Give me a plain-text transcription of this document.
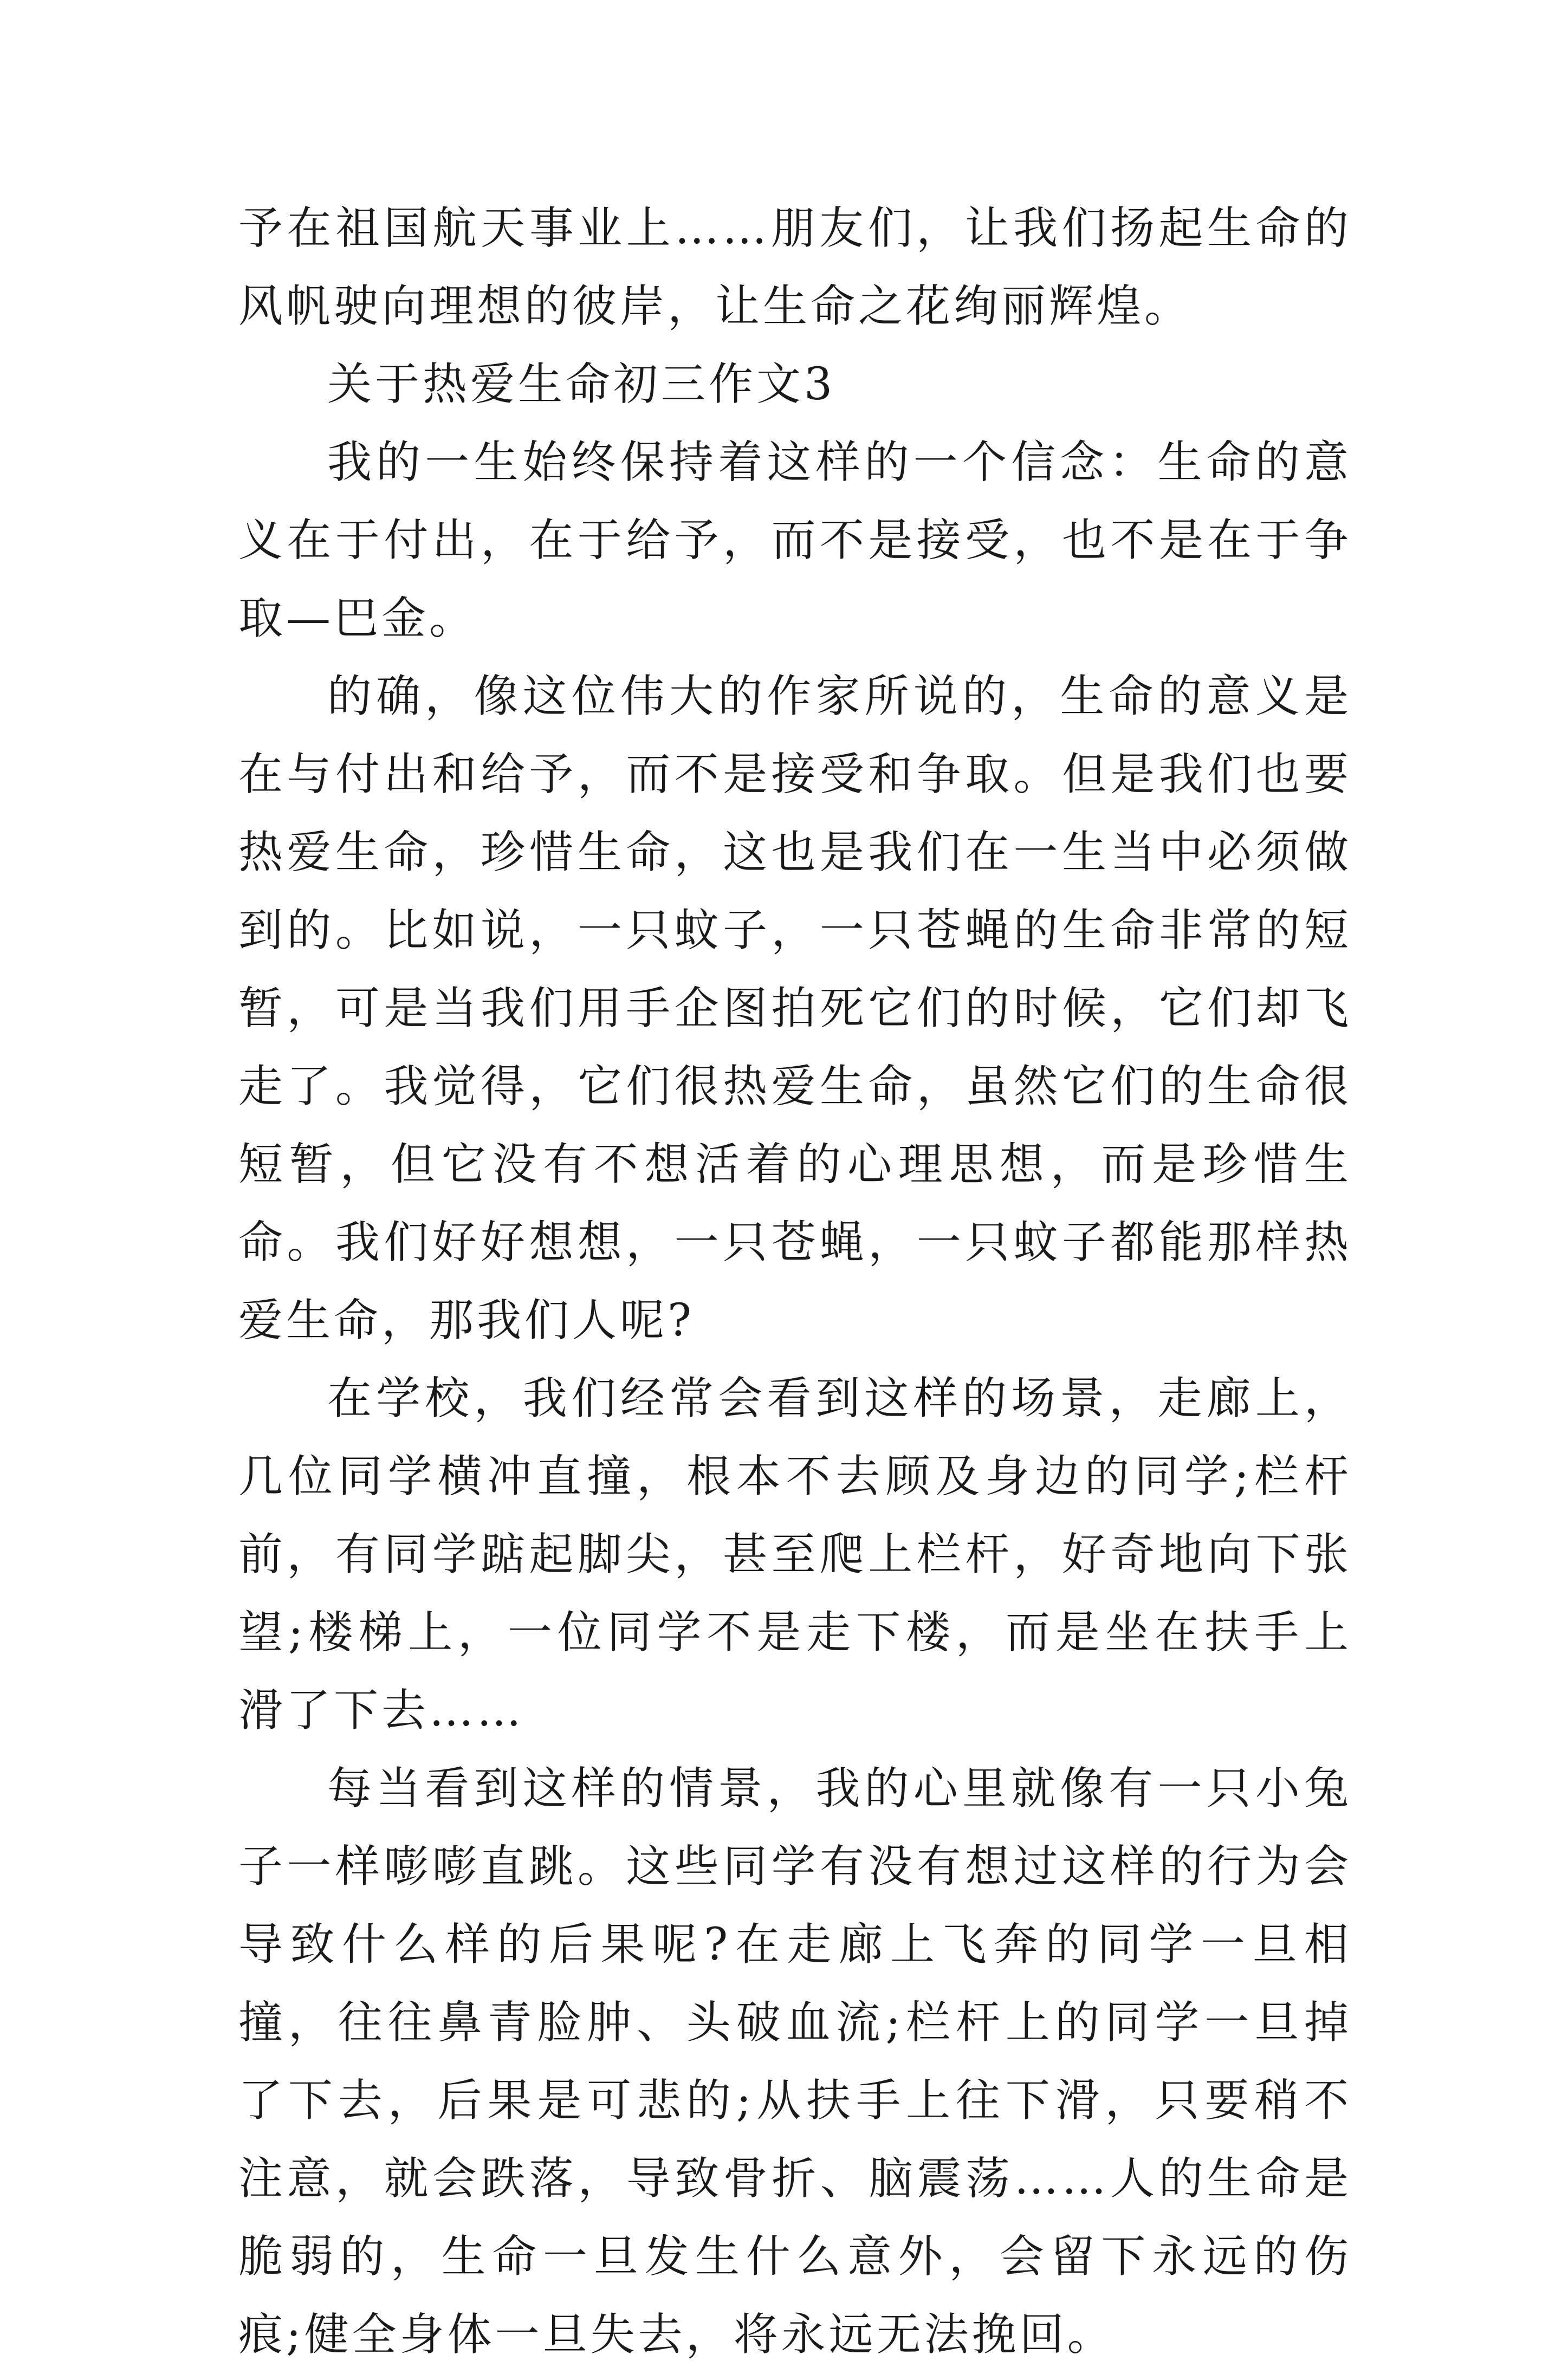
予在祖国航天事业上……朋友们，让我们扬起生命的风帆驶向理想的彼岸，让生命之花绚丽辉煌。

关于热爱生命初三作文3

我的一生始终保持着这样的一个信念：生命的意义在于付出，在于给予，而不是接受，也不是在于争取—巴金。

的确，像这位伟大的作家所说的，生命的意义是在与付出和给予，而不是接受和争取。但是我们也要热爱生命，珍惜生命，这也是我们在一生当中必须做到的。比如说，一只蚊子，一只苍蝇的生命非常的短暂，可是当我们用手企图拍死它们的时候，它们却飞走了。我觉得，它们很热爱生命，虽然它们的生命很短暂，但它没有不想活着的心理思想，而是珍惜生命。我们好好想想，一只苍蝇，一只蚊子都能那样热爱生命，那我们人呢?

在学校，我们经常会看到这样的场景，走廊上，几位同学横冲直撞，根本不去顾及身边的同学;栏杆前，有同学踮起脚尖，甚至爬上栏杆，好奇地向下张望;楼梯上，一位同学不是走下楼，而是坐在扶手上滑了下去……

每当看到这样的情景，我的心里就像有一只小兔子一样嘭嘭直跳。这些同学有没有想过这样的行为会导致什么样的后果呢?在走廊上飞奔的同学一旦相撞，往往鼻青脸肿、头破血流;栏杆上的同学一旦掉了下去，后果是可悲的;从扶手上往下滑，只要稍不注意，就会跌落，导致骨折、脑震荡……人的生命是脆弱的，生命一旦发生什么意外，会留下永远的伤痕;健全身体一旦失去，将永远无法挽回。
